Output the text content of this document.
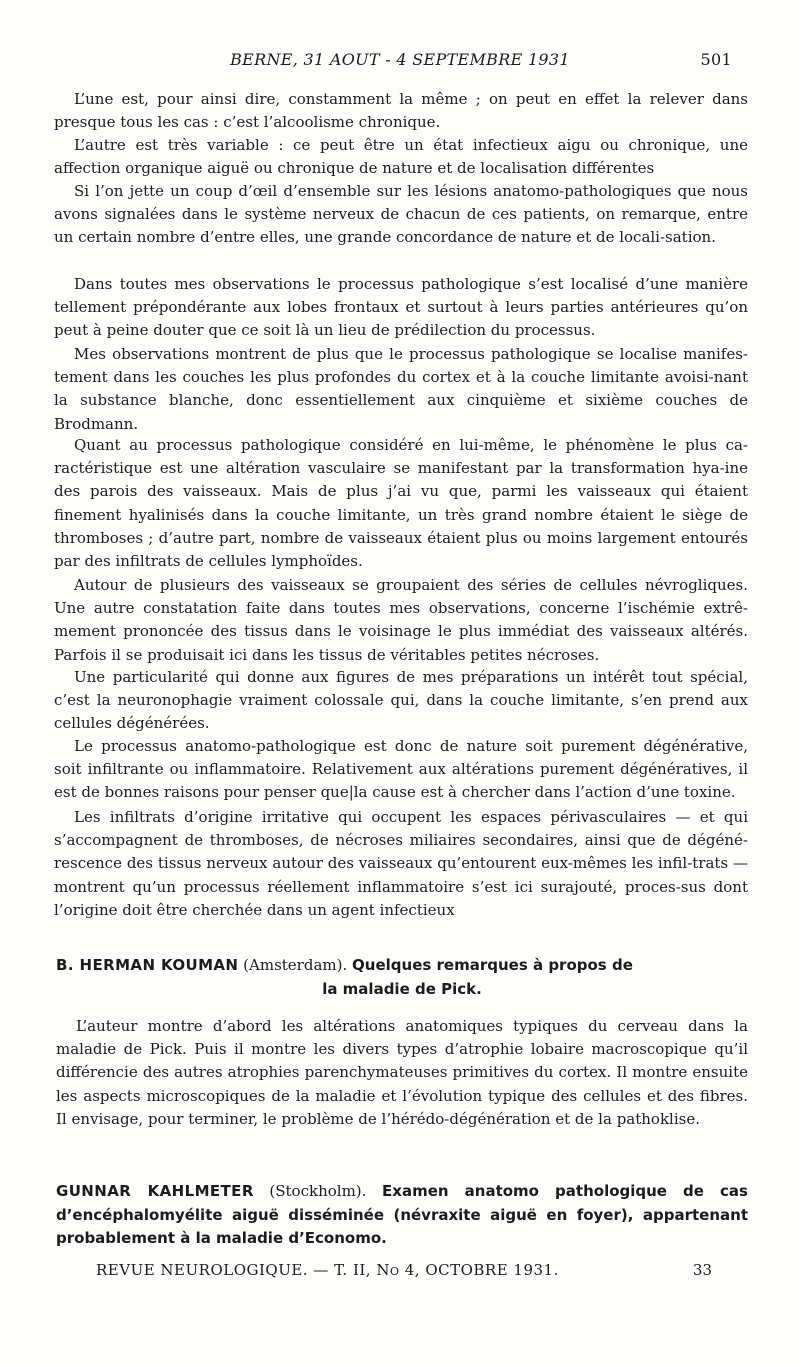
BERNE, 31 AOUT - 4 SEPTEMBRE 1931	501

L’une est, pour ainsi dire, constamment la même ; on peut en effet la relever dans presque tous les cas : c’est l’alcoolisme chronique.

L’autre est très variable : ce peut être un état infectieux aigu ou chronique, une affection organique aiguë ou chronique de nature et de localisation différentes

Si l’on jette un coup d’œil d’ensemble sur les lésions anatomo-pathologiques que nous avons signalées dans le système nerveux de chacun de ces patients, on remarque, entre un certain nombre d’entre elles, une grande concordance de nature et de locali-sation.

Dans toutes mes observations le processus pathologique s’est localisé d’une manière tellement prépondérante aux lobes frontaux et surtout à leurs parties antérieures qu’on peut à peine douter que ce soit là un lieu de prédilection du processus.

Mes observations montrent de plus que le processus pathologique se localise manifes-tement dans les couches les plus profondes du cortex et à la couche limitante avoisi-nant la substance blanche, donc essentiellement aux cinquième et sixième couches de Brodmann.

Quant au processus pathologique considéré en lui-même, le phénomène le plus ca-ractéristique est une altération vasculaire se manifestant par la transformation hya-ine des parois des vaisseaux. Mais de plus j’ai vu que, parmi les vaisseaux qui étaient finement hyalinisés dans la couche limitante, un très grand nombre étaient le siège de thromboses ; d’autre part, nombre de vaisseaux étaient plus ou moins largement entourés par des infiltrats de cellules lymphoïdes.

Autour de plusieurs des vaisseaux se groupaient des séries de cellules névrogliques. Une autre constatation faite dans toutes mes observations, concerne l’ischémie extrê-mement prononcée des tissus dans le voisinage le plus immédiat des vaisseaux altérés. Parfois il se produisait ici dans les tissus de véritables petites nécroses.

Une particularité qui donne aux figures de mes préparations un intérêt tout spécial, c’est la neuronophagie vraiment colossale qui, dans la couche limitante, s’en prend aux cellules dégénérées.

Le processus anatomo-pathologique est donc de nature soit purement dégénérative, soit infiltrante ou inflammatoire. Relativement aux altérations purement dégénératives, il est de bonnes raisons pour penser que|la cause est à chercher dans l’action d’une toxine.

Les infiltrats d’origine irritative qui occupent les espaces périvasculaires — et qui s’accompagnent de thromboses, de nécroses miliaires secondaires, ainsi que de dégéné-rescence des tissus nerveux autour des vaisseaux qu’entourent eux-mêmes les infil-trats — montrent qu’un processus réellement inflammatoire s’est ici surajouté, proces-sus dont l’origine doit être cherchée dans un agent infectieux

B. HERMAN KOUMAN (Amsterdam). Quelques remarques à propos de
la maladie de Pick.

L’auteur montre d’abord les altérations anatomiques typiques du cerveau dans la maladie de Pick. Puis il montre les divers types d’atrophie lobaire macroscopique qu’il différencie des autres atrophies parenchymateuses primitives du cortex. Il montre ensuite les aspects microscopiques de la maladie et l’évolution typique des cellules et des fibres. Il envisage, pour terminer, le problème de l’hérédo-dégénération et de la pathoklise.

GUNNAR KAHLMETER (Stockholm). Examen anatomo pathologique de cas d’encéphalomyélite aiguë disséminée (névraxite aiguë en foyer), appartenant probablement à la maladie d’Economo.
REVUE NEUROLOGIQUE. — T. II, No 4, OCTOBRE 1931.	33
